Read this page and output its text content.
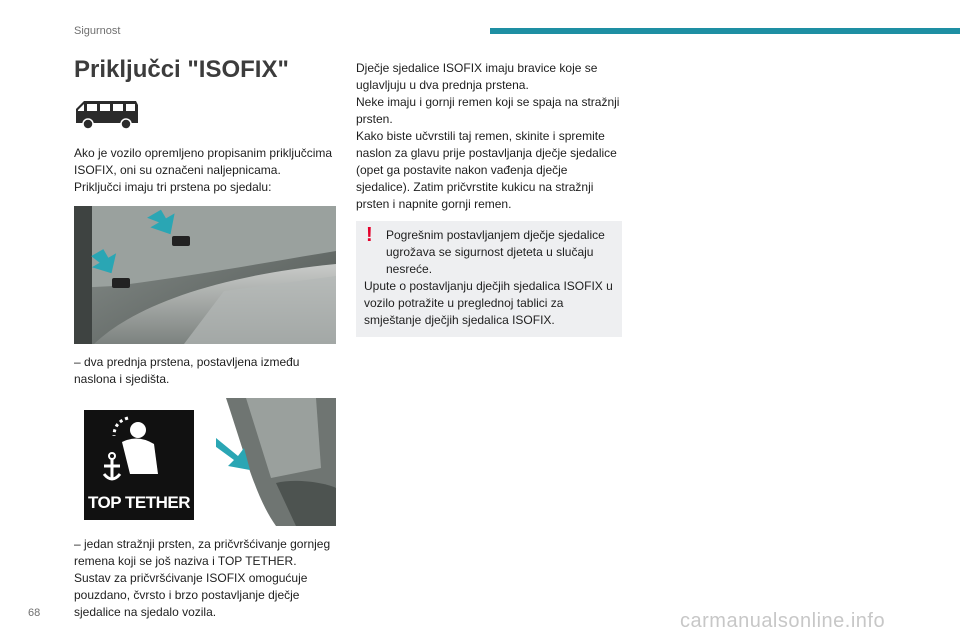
Sigurnost
Priključci "ISOFIX"

Ako je vozilo opremljeno propisanim priključcima ISOFIX, oni su označeni naljepnicama.

Priključci imaju tri prstena po sjedalu:

– dva prednja prstena, postavljena između naslona i sjedišta.

TOP TETHER

– jedan stražnji prsten, za pričvršćivanje gornjeg remena koji se još naziva i TOP TETHER.

Sustav za pričvršćivanje ISOFIX omogućuje pouzdano, čvrsto i brzo postavljanje dječje sjedalice na sjedalo vozila.

Dječje sjedalice ISOFIX imaju bravice koje se uglavljuju u dva prednja prstena.

Neke imaju i gornji remen koji se spaja na stražnji prsten.

Kako biste učvrstili taj remen, skinite i spremite naslon za glavu prije postavljanja dječje sjedalice (opet ga postavite nakon vađenja dječje sjedalice). Zatim pričvrstite kukicu na stražnji prsten i napnite gornji remen.

! Pogrešnim postavljanjem dječje sjedalice ugrožava se sigurnost djeteta u slučaju nesreće.

Upute o postavljanju dječjih sjedalica ISOFIX u vozilo potražite u preglednoj tablici za smještanje dječjih sjedalica ISOFIX.

68	carmanualsonline.info
